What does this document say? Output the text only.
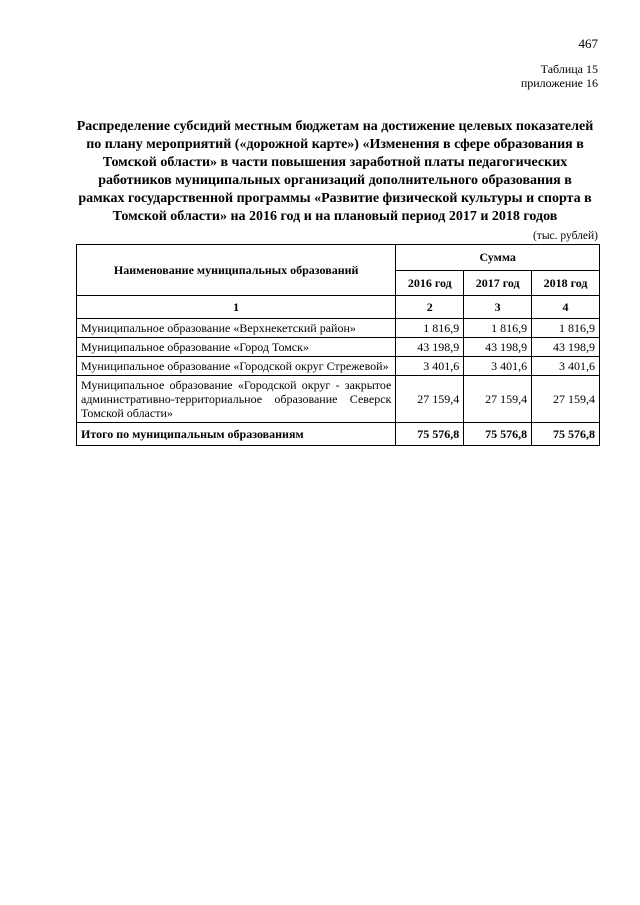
467
Таблица 15
приложение 16
Распределение субсидий местным бюджетам на достижение целевых показателей
по плану мероприятий («дорожной карте») «Изменения в сфере образования в
Томской области» в части повышения заработной платы педагогических
работников муниципальных организаций дополнительного образования в
рамках государственной программы «Развитие физической культуры и спорта в
Томской области» на 2016 год и на плановый период 2017 и 2018 годов
(тыс. рублей)
Наименование муниципальных образований	Сумма		
	2016 год	2017 год	2018 год
1	2	3	4
Муниципальное образование «Верхнекетский район»	1 816,9	1 816,9	1 816,9
Муниципальное образование «Город Томск»	43 198,9	43 198,9	43 198,9
Муниципальное образование «Городской округ Стрежевой»	3 401,6	3 401,6	3 401,6
Муниципальное образование «Городской округ - закрытое административно-территориальное образование Северск Томской области»	27 159,4	27 159,4	27 159,4
Итого по муниципальным образованиям	75 576,8	75 576,8	75 576,8
